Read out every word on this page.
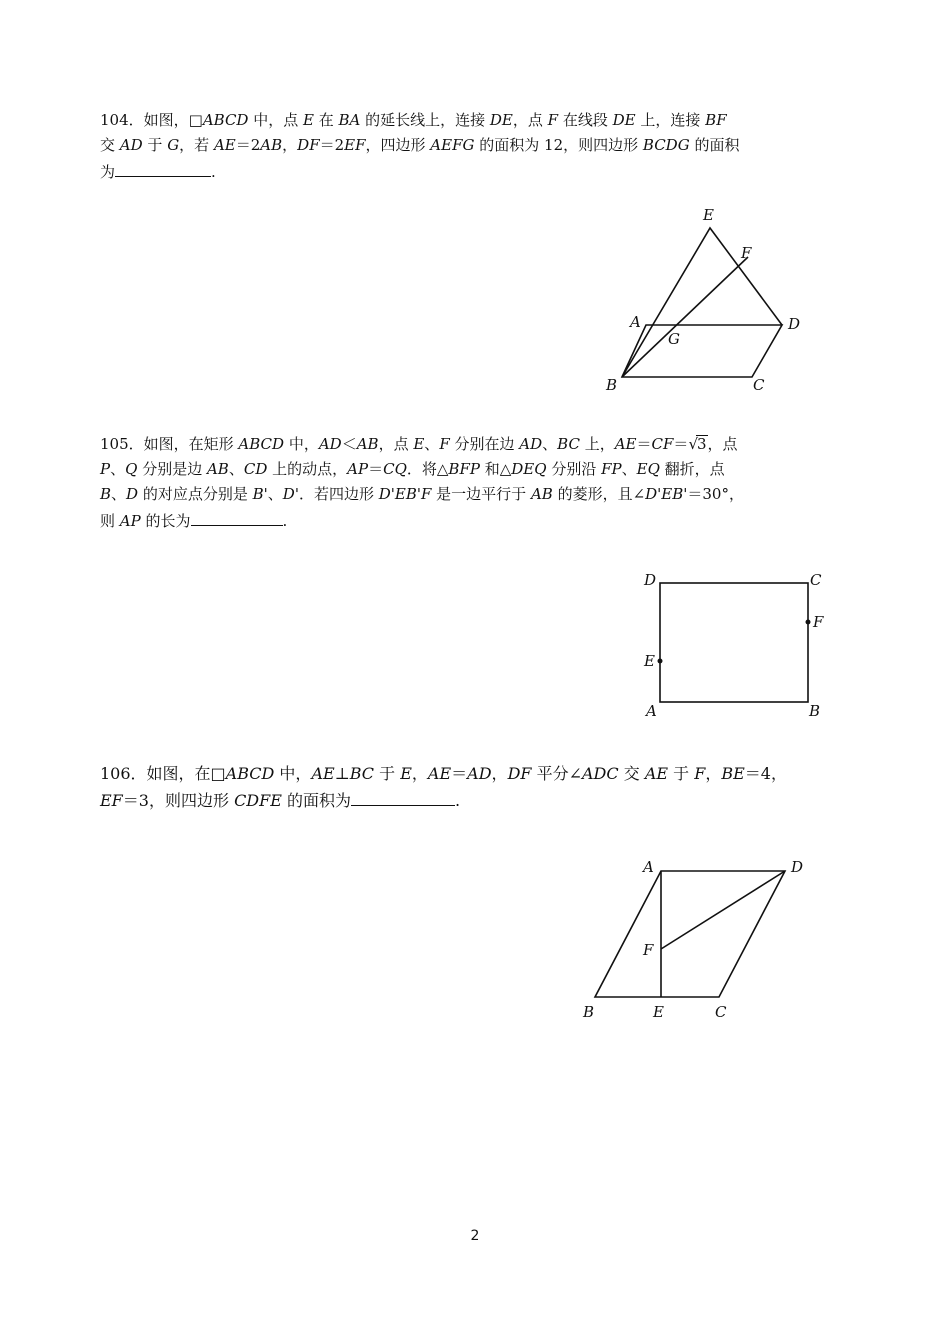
104．如图，□ABCD 中，点 E 在 BA 的延长线上，连接 DE，点 F 在线段 DE 上，连接 BF

交 AD 于 G，若 AE＝2AB，DF＝2EF，四边形 AEFG 的面积为 12，则四边形 BCDG 的面积

为	.

E
F
A	D
G
B	C

105．如图，在矩形 ABCD 中，AD＜AB，点 E、F 分别在边 AD、BC 上，AE＝CF＝√3，点

P、Q 分别是边 AB、CD 上的动点，AP＝CQ．将△BFP 和△DEQ 分别沿 FP、EQ 翻折，点

B、D 的对应点分别是 B'、D'．若四边形 D'EB'F 是一边平行于 AB 的菱形，且∠D'EB'＝30°，

则 AP 的长为	.

D	C
F
E
A	B

106．如图，在□ABCD 中，AE⊥BC 于 E，AE＝AD，DF 平分∠ADC 交 AE 于 F，BE＝4，

EF＝3，则四边形 CDFE 的面积为	.

A	D
F
B	E	C
2
